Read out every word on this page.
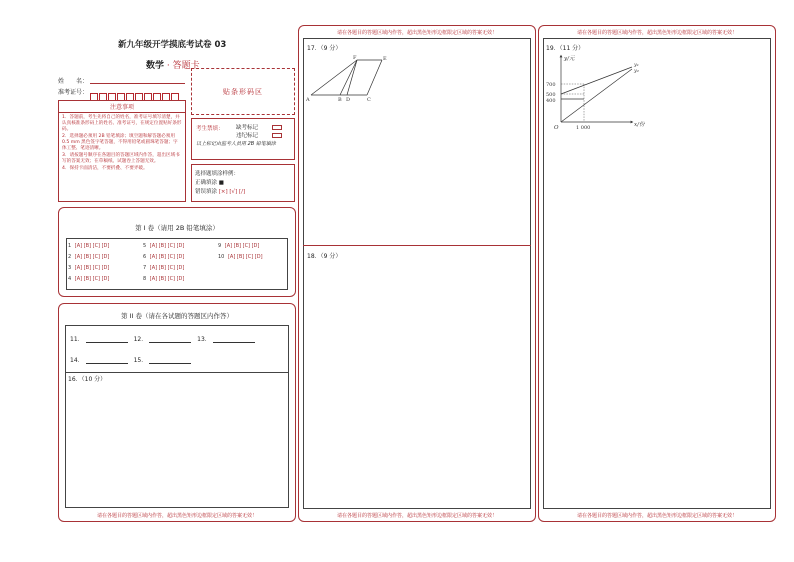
新九年级开学摸底考试卷 03
数学 · 答题卡
姓　　名：
准考证号：	贴条形码区
注意事项
1．答题前，考生先将自己的姓名，准考证号填写清楚，并认真核准条形码上的姓名、准考证号，在规定位置贴好条形码。
2．选择题必须用 2B 铅笔填涂；填空题和解答题必须用 0.5 mm 黑色签字笔答题，不得用铅笔或圆珠笔答题；字体工整、笔迹清晰。
3．请按题号顺序在各题目的答题区域内作答，超出区域书写的答案无效；在草稿纸、试题卷上答题无效。
4．保持卡面清洁，不要折叠、不要弄破。
考生禁填： 缺考标记
违纪标记
以上标记由监考人员用 2B 铅笔填涂
选择题填涂样例：
正确填涂 ■
错误填涂 [×] [√] [/]
第 I 卷（请用 2B 铅笔填涂）
1 [A] [B] [C] [D]
2 [A] [B] [C] [D]
3 [A] [B] [C] [D]
4 [A] [B] [C] [D]
5 [A] [B] [C] [D]
6 [A] [B] [C] [D]
7 [A] [B] [C] [D]
8 [A] [B] [C] [D]
9 [A] [B] [C] [D]
10 [A] [B] [C] [D]
第 II 卷（请在各试题的答题区内作答）
11．	12．	13．
14．	15．
16．（10 分）
请在各题目的答题区域内作答，超出黑色矩形边框限定区域的答案无效！
请在各题目的答题区域内作答，超出黑色矩形边框限定区域的答案无效！
17．（9 分）
A	B	C
D
E
F
18．（9 分）
请在各题目的答题区域内作答，超出黑色矩形边框限定区域的答案无效！
请在各题目的答题区域内作答，超出黑色矩形边框限定区域的答案无效！
19．（11 分）
y/元
x/份
O
700
500
400
1 000
y₁
y₂
请在各题目的答题区域内作答，超出黑色矩形边框限定区域的答案无效！
